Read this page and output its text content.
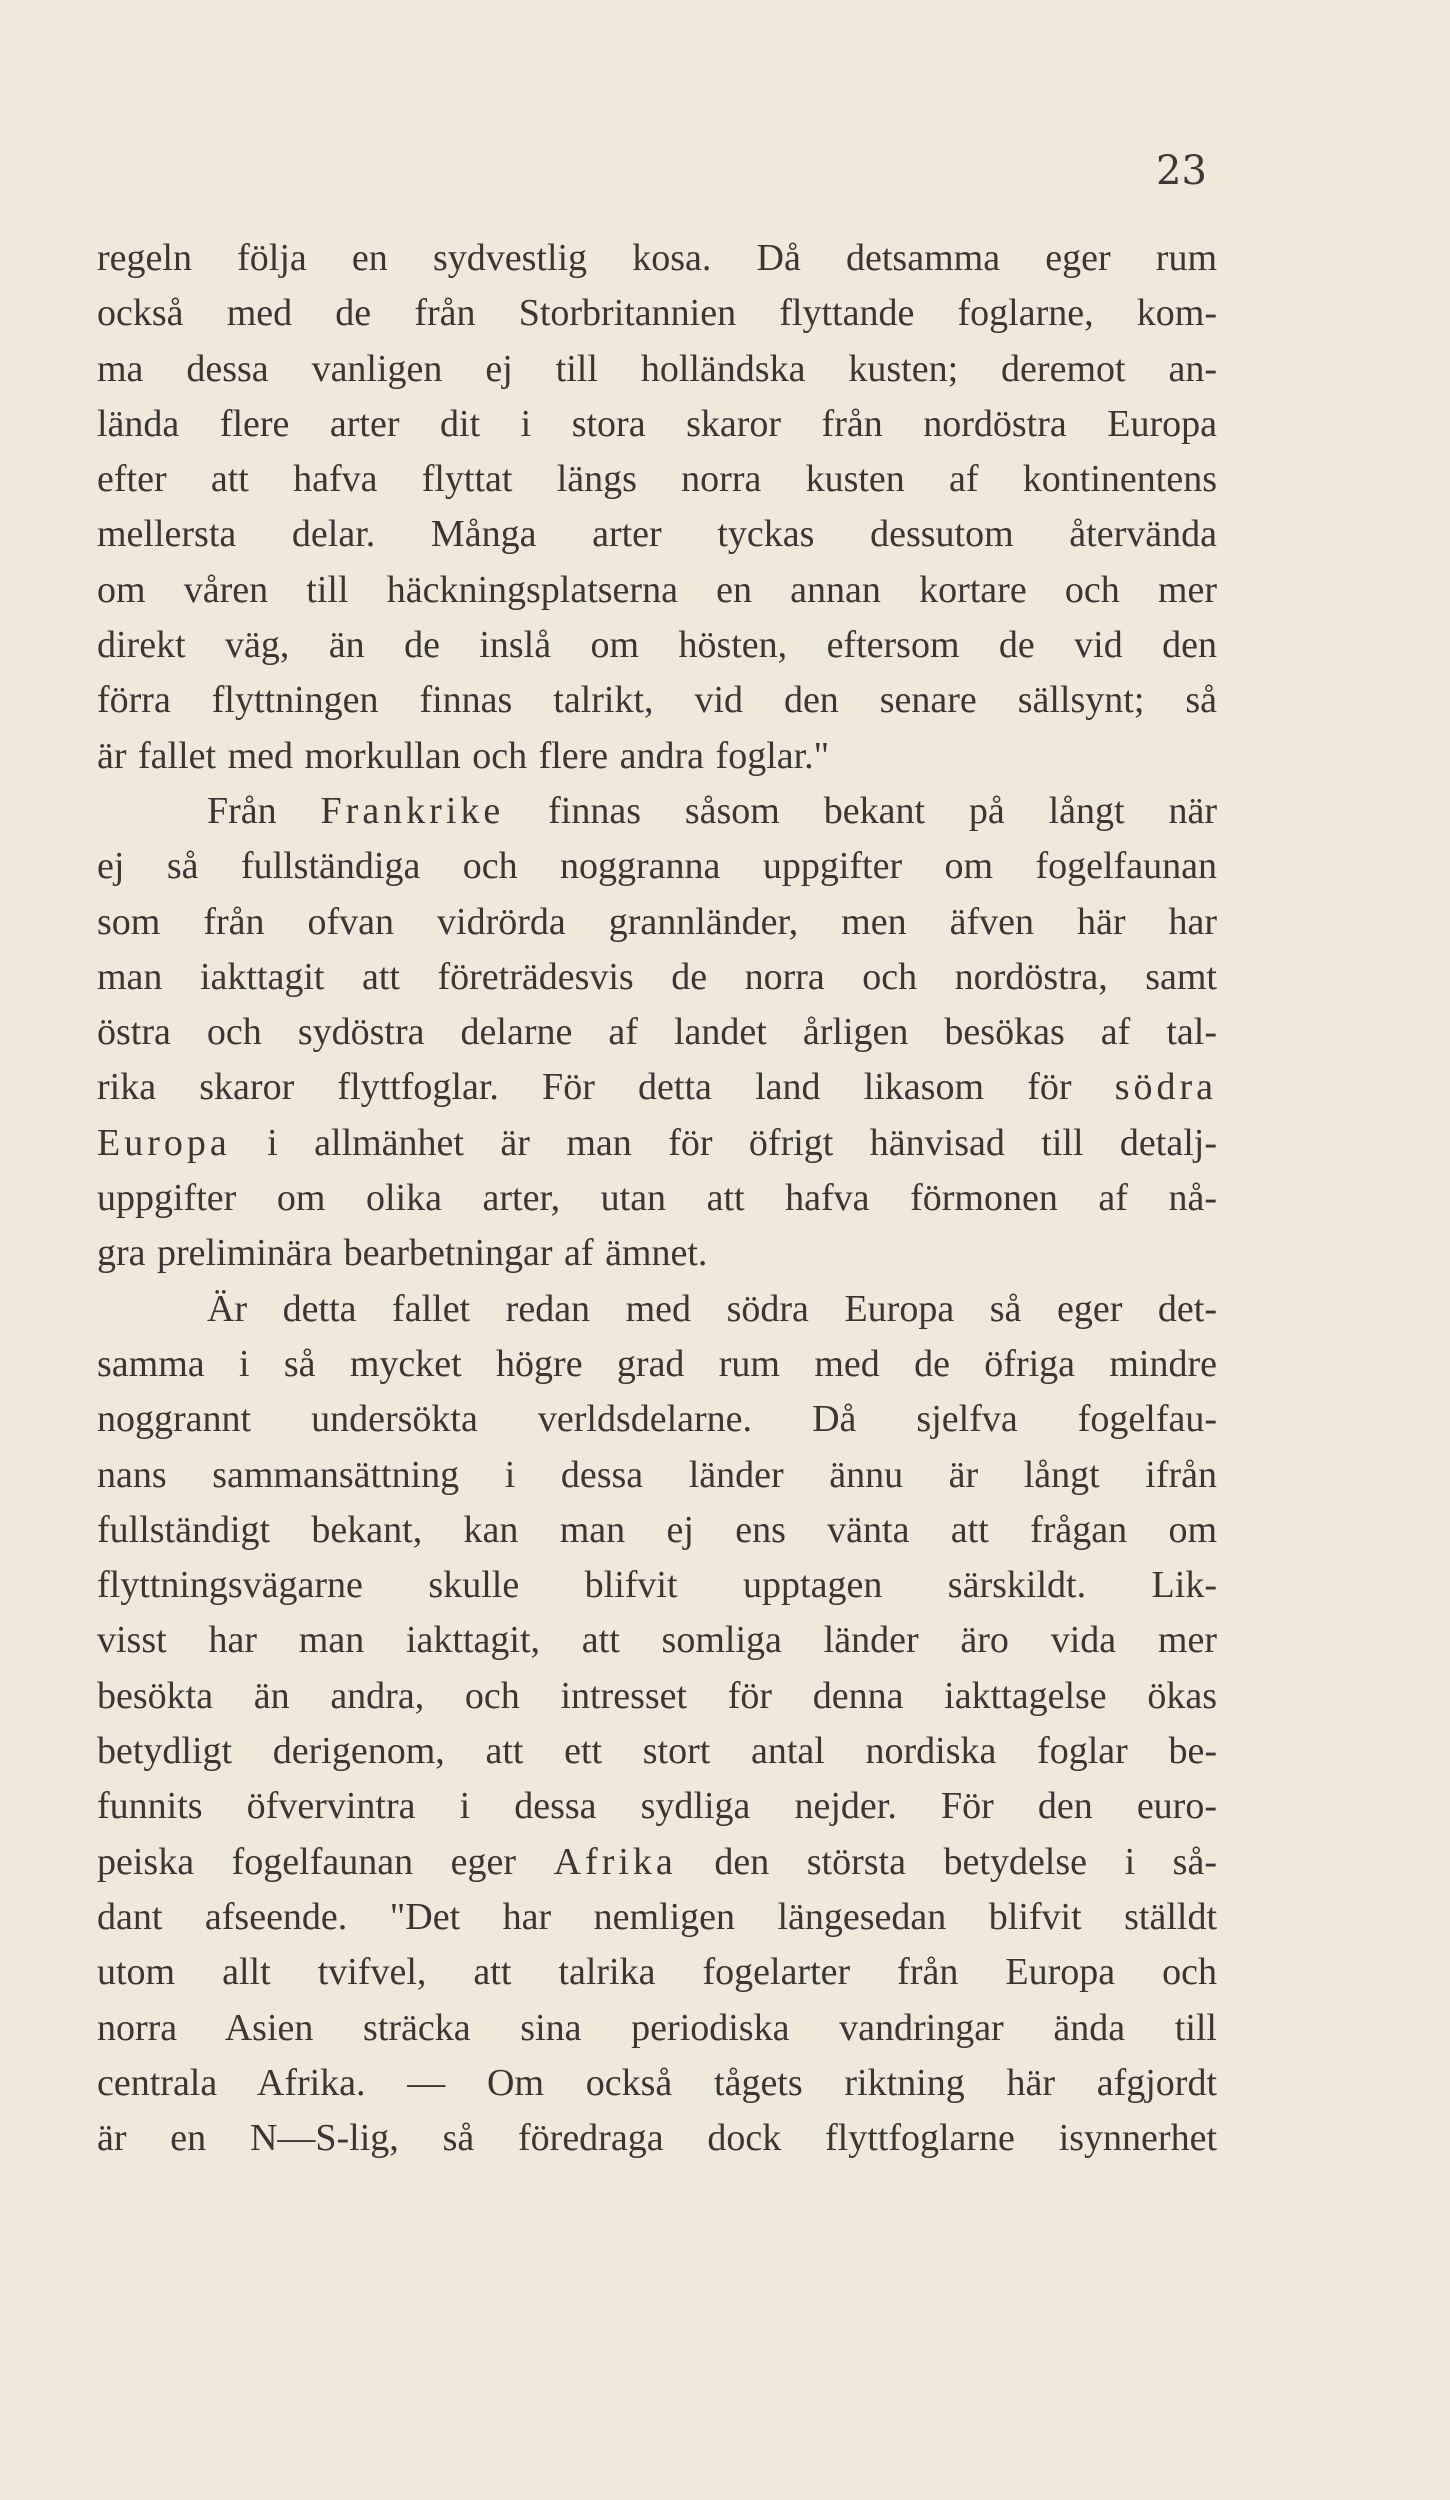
23
regeln följa en sydvestlig kosa. Då detsamma eger rum
också med de från Storbritannien flyttande foglarne, kom-
ma dessa vanligen ej till holländska kusten; deremot an-
lända flere arter dit i stora skaror från nordöstra Europa
efter att hafva flyttat längs norra kusten af kontinentens
mellersta delar. Många arter tyckas dessutom återvända
om våren till häckningsplatserna en annan kortare och mer
direkt väg, än de inslå om hösten, eftersom de vid den
förra flyttningen finnas talrikt, vid den senare sällsynt; så
är fallet med morkullan och flere andra foglar."
Från Frankrike finnas såsom bekant på långt när
ej så fullständiga och noggranna uppgifter om fogelfaunan
som från ofvan vidrörda grannländer, men äfven här har
man iakttagit att företrädesvis de norra och nordöstra, samt
östra och sydöstra delarne af landet årligen besökas af tal-
rika skaror flyttfoglar. För detta land likasom för södra
Europa i allmänhet är man för öfrigt hänvisad till detalj-
uppgifter om olika arter, utan att hafva förmonen af nå-
gra preliminära bearbetningar af ämnet.
Är detta fallet redan med södra Europa så eger det-
samma i så mycket högre grad rum med de öfriga mindre
noggrannt undersökta verldsdelarne. Då sjelfva fogelfau-
nans sammansättning i dessa länder ännu är långt ifrån
fullständigt bekant, kan man ej ens vänta att frågan om
flyttningsvägarne skulle blifvit upptagen särskildt. Lik-
visst har man iakttagit, att somliga länder äro vida mer
besökta än andra, och intresset för denna iakttagelse ökas
betydligt derigenom, att ett stort antal nordiska foglar be-
funnits öfvervintra i dessa sydliga nejder. För den euro-
peiska fogelfaunan eger Afrika den största betydelse i så-
dant afseende. "Det har nemligen längesedan blifvit ställdt
utom allt tvifvel, att talrika fogelarter från Europa och
norra Asien sträcka sina periodiska vandringar ända till
centrala Afrika. — Om också tågets riktning här afgjordt
är en N—S-lig, så föredraga dock flyttfoglarne isynnerhet
